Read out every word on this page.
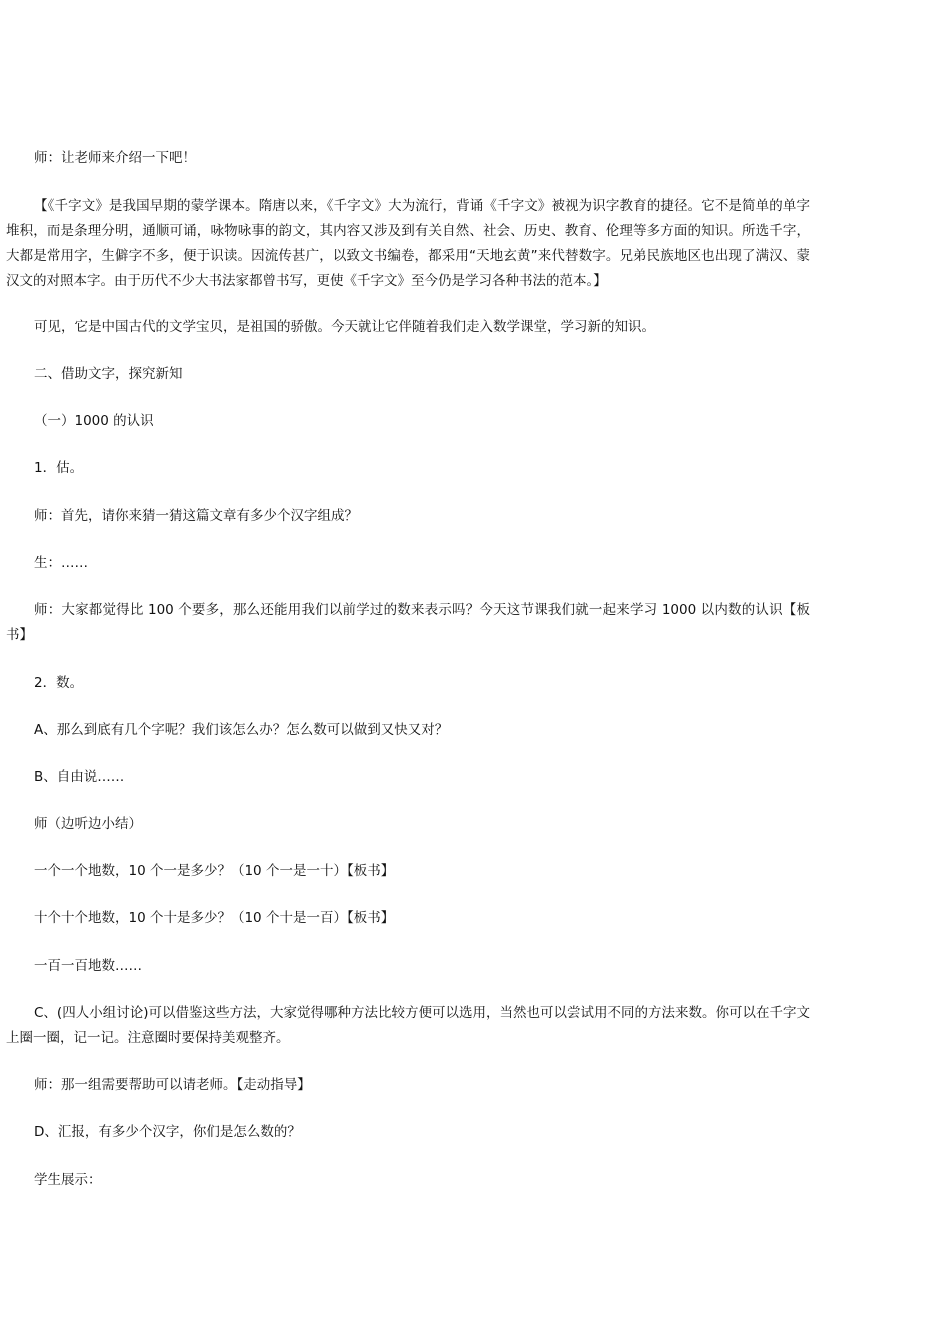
师：让老师来介绍一下吧！

【《千字文》是我国早期的蒙学课本。隋唐以来，《千字文》大为流行，背诵《千字文》被视为识字教育的捷径。它不是简单的单字堆积，而是条理分明，通顺可诵，咏物咏事的韵文，其内容又涉及到有关自然、社会、历史、教育、伦理等多方面的知识。所选千字，大都是常用字，生僻字不多，便于识读。因流传甚广，以致文书编卷，都采用“天地玄黄”来代替数字。兄弟民族地区也出现了满汉、蒙汉文的对照本字。由于历代不少大书法家都曾书写，更使《千字文》至今仍是学习各种书法的范本。】

可见，它是中国古代的文学宝贝，是祖国的骄傲。今天就让它伴随着我们走入数学课堂，学习新的知识。

二、借助文字，探究新知

（一）1000 的认识

1．估。

师：首先，请你来猜一猜这篇文章有多少个汉字组成？

生：……

师：大家都觉得比 100 个要多，那么还能用我们以前学过的数来表示吗？今天这节课我们就一起来学习 1000 以内数的认识【板书】

2．数。

A、那么到底有几个字呢？我们该怎么办？怎么数可以做到又快又对？

B、自由说……

师（边听边小结）

一个一个地数，10 个一是多少？（10 个一是一十）【板书】

十个十个地数，10 个十是多少？（10 个十是一百）【板书】

一百一百地数……

C、(四人小组讨论)可以借鉴这些方法，大家觉得哪种方法比较方便可以选用，当然也可以尝试用不同的方法来数。你可以在千字文上圈一圈，记一记。注意圈时要保持美观整齐。

师：那一组需要帮助可以请老师。【走动指导】

D、汇报，有多少个汉字，你们是怎么数的？

学生展示：
